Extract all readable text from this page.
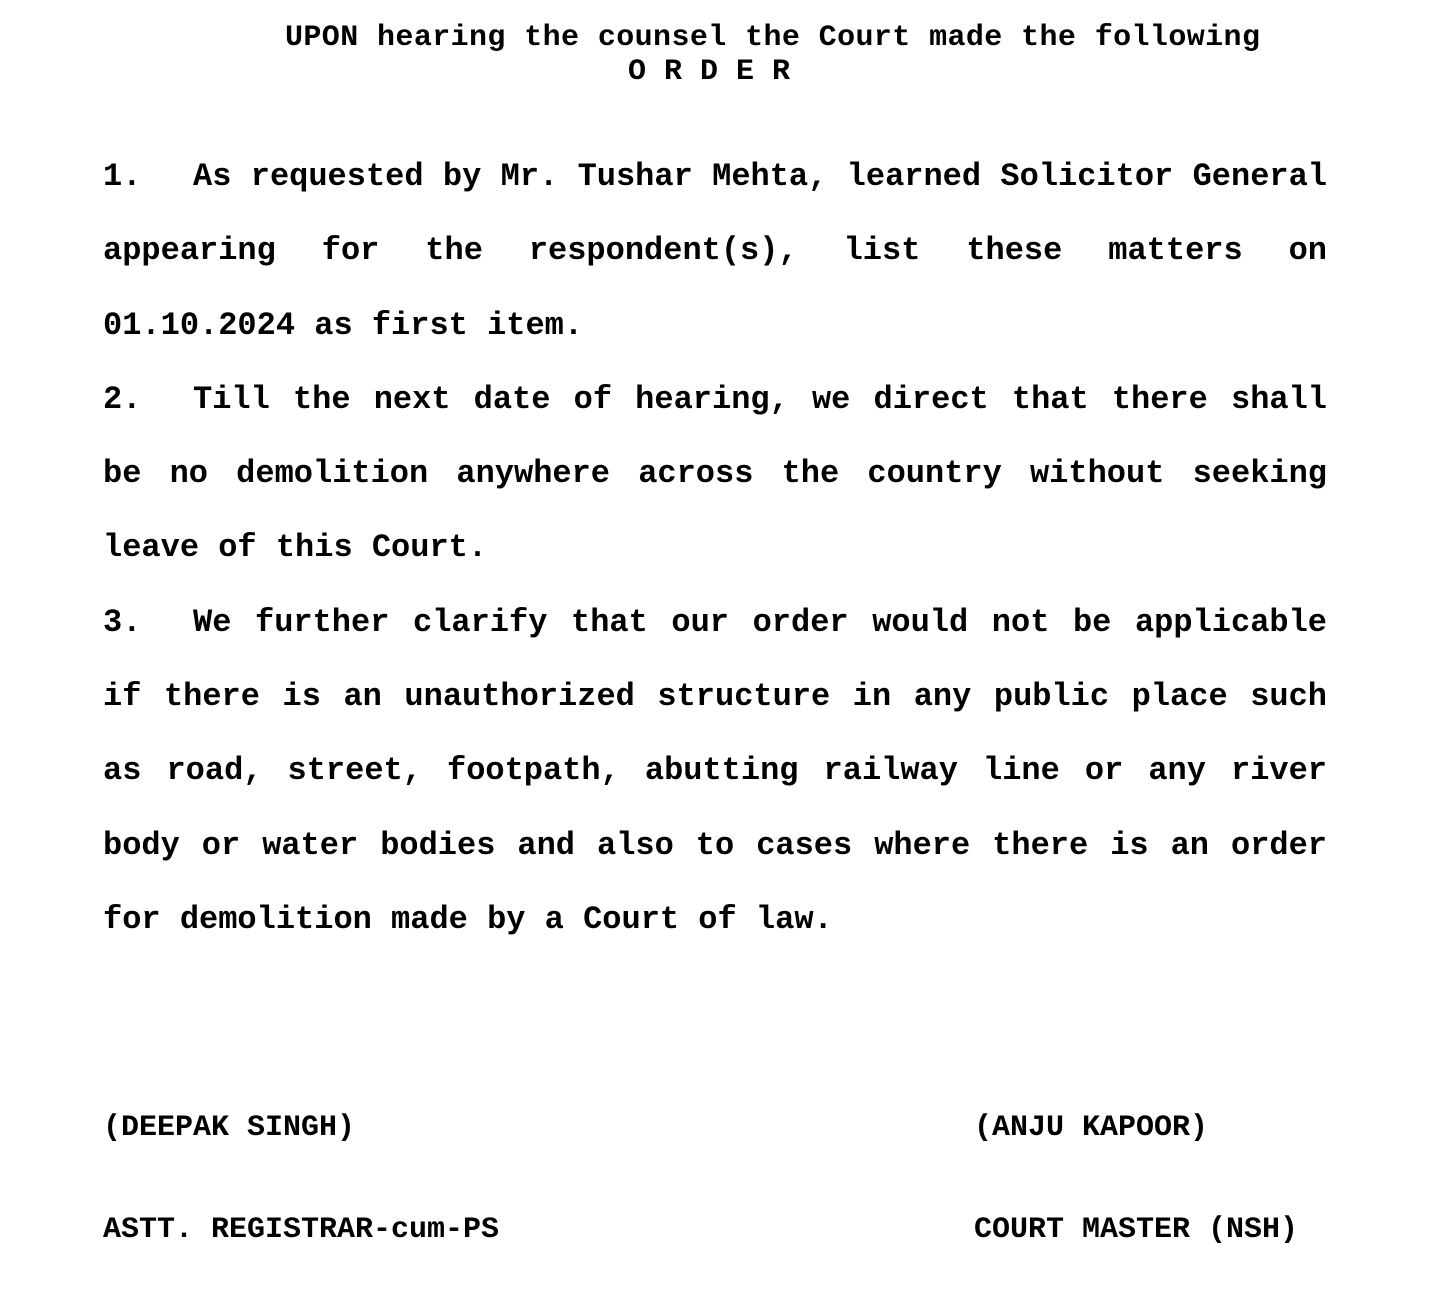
UPON hearing the counsel the Court made the following
O R D E R

1. As requested by Mr. Tushar Mehta, learned Solicitor General appearing for the respondent(s), list these matters on 01.10.2024 as first item.

2. Till the next date of hearing, we direct that there shall be no demolition anywhere across the country without seeking leave of this Court.

3. We further clarify that our order would not be applicable if there is an unauthorized structure in any public place such as road, street, footpath, abutting railway line or any river body or water bodies and also to cases where there is an order for demolition made by a Court of law.

(DEEPAK SINGH)

ASTT. REGISTRAR-cum-PS

(ANJU KAPOOR)

COURT MASTER (NSH)
